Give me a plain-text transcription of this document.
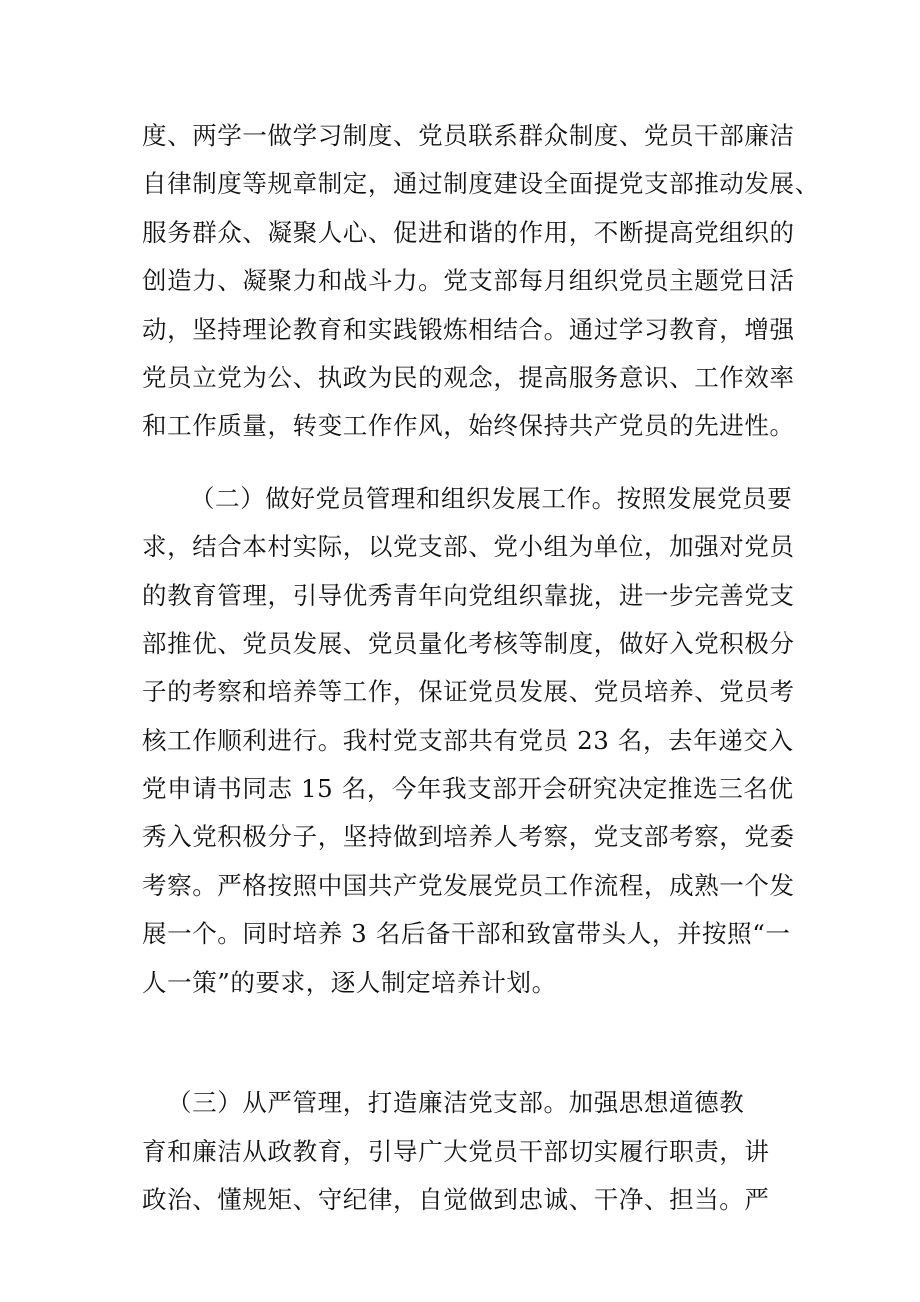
度、两学一做学习制度、党员联系群众制度、党员干部廉洁
自律制度等规章制定，通过制度建设全面提党支部推动发展、
服务群众、凝聚人心、促进和谐的作用，不断提高党组织的
创造力、凝聚力和战斗力。党支部每月组织党员主题党日活
动，坚持理论教育和实践锻炼相结合。通过学习教育，增强
党员立党为公、执政为民的观念，提高服务意识、工作效率
和工作质量，转变工作作风，始终保持共产党员的先进性。
（二）做好党员管理和组织发展工作。按照发展党员要
求，结合本村实际，以党支部、党小组为单位，加强对党员
的教育管理，引导优秀青年向党组织靠拢，进一步完善党支
部推优、党员发展、党员量化考核等制度，做好入党积极分
子的考察和培养等工作，保证党员发展、党员培养、党员考
核工作顺利进行。我村党支部共有党员 23 名，去年递交入
党申请书同志 15 名，今年我支部开会研究决定推选三名优
秀入党积极分子，坚持做到培养人考察，党支部考察，党委
考察。严格按照中国共产党发展党员工作流程，成熟一个发
展一个。同时培养 3 名后备干部和致富带头人，并按照“一
人一策”的要求，逐人制定培养计划。
（三）从严管理，打造廉洁党支部。加强思想道德教
育和廉洁从政教育，引导广大党员干部切实履行职责，讲
政治、懂规矩、守纪律，自觉做到忠诚、干净、担当。严
